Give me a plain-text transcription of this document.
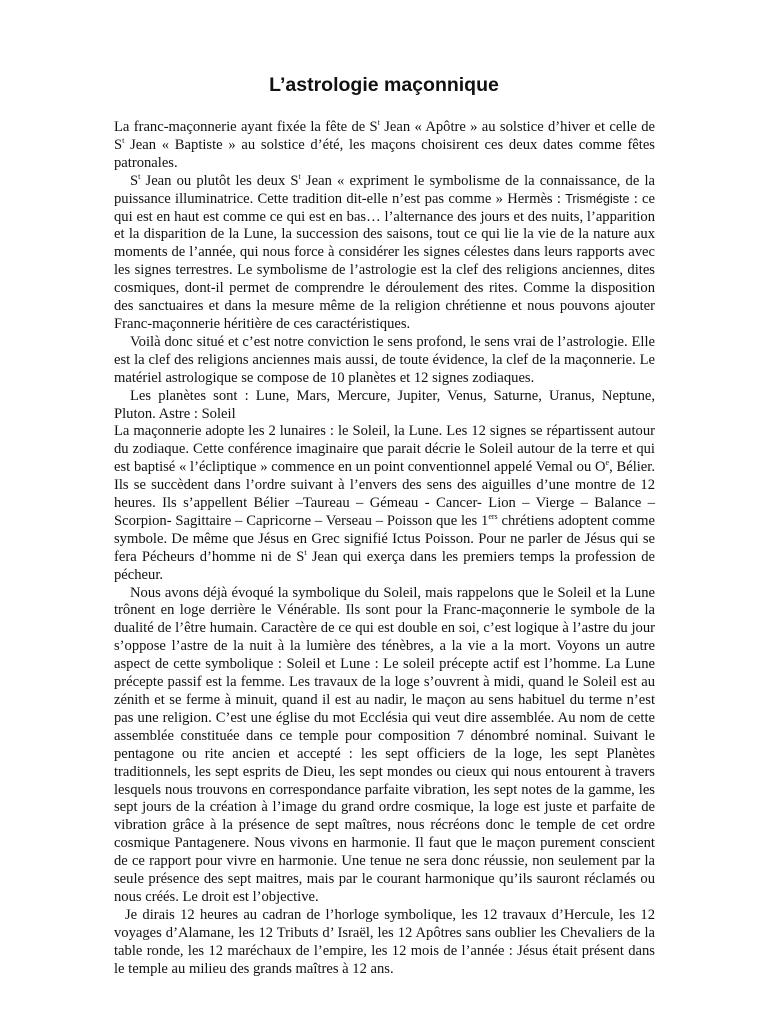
L’astrologie maçonnique

La franc-maçonnerie ayant fixée la fête de $S^t$ Jean « Apôtre » au solstice d’hiver et celle de $S^t$ Jean « Baptiste » au solstice d’été, les maçons choisirent ces deux dates comme fêtes patronales.

$S^t$ Jean ou plutôt les deux $S^t$ Jean « expriment le symbolisme de la connaissance, de la puissance illuminatrice. Cette tradition dit-elle n’est pas comme » Hermès : Trismégiste : ce qui est en haut est comme ce qui est en bas… l’alternance des jours et des nuits, l’apparition et la disparition de la Lune, la succession des saisons, tout ce qui lie la vie de la nature aux moments de l’année, qui nous force à considérer les signes célestes dans leurs rapports avec les signes terrestres. Le symbolisme de l’astrologie est la clef des religions anciennes, dites cosmiques, dont-il permet de comprendre le déroulement des rites. Comme la disposition des sanctuaires et dans la mesure même de la religion chrétienne et nous pouvons ajouter Franc-maçonnerie héritière de ces caractéristiques.

Voilà donc situé et c’est notre conviction le sens profond, le sens vrai de l’astrologie. Elle est la clef des religions anciennes mais aussi, de toute évidence, la clef de la maçonnerie. Le matériel astrologique se compose de 10 planètes et 12 signes zodiaques.

Les planètes sont : Lune, Mars, Mercure, Jupiter, Venus, Saturne, Uranus, Neptune, Pluton. Astre : Soleil

La maçonnerie adopte les 2 lunaires : le Soleil, la Lune. Les 12 signes se répartissent autour du zodiaque. Cette conférence imaginaire que parait décrie le Soleil autour de la terre et qui est baptisé « l’écliptique » commence en un point conventionnel appelé Vemal ou $O^e$, Bélier. Ils se succèdent dans l’ordre suivant à l’envers des sens des aiguilles d’une montre de 12 heures. Ils s’appellent Bélier –Taureau – Gémeau - Cancer- Lion – Vierge – Balance – Scorpion- Sagittaire – Capricorne – Verseau – Poisson que les 1ers chrétiens adoptent comme symbole. De même que Jésus en Grec signifié Ictus Poisson. Pour ne parler de Jésus qui se fera Pécheurs d’homme ni de $S^t$ Jean qui exerça dans les premiers temps la profession de pécheur.

Nous avons déjà évoqué la symbolique du Soleil, mais rappelons que le Soleil et la Lune trônent en loge derrière le Vénérable. Ils sont pour la Franc-maçonnerie le symbole de la dualité de l’être humain. Caractère de ce qui est double en soi, c’est logique à l’astre du jour s’oppose l’astre de la nuit à la lumière des ténèbres, a la vie a la mort. Voyons un autre aspect de cette symbolique : Soleil et Lune : Le soleil précepte actif est l’homme. La Lune précepte passif est la femme. Les travaux de la loge s’ouvrent à midi, quand le Soleil est au zénith et se ferme à minuit, quand il est au nadir, le maçon au sens habituel du terme n’est pas une religion. C’est une église du mot Ecclésia qui veut dire assemblée. Au nom de cette assemblée constituée dans ce temple pour composition 7 dénombré nominal. Suivant le pentagone ou rite ancien et accepté : les sept officiers de la loge, les sept Planètes traditionnels, les sept esprits de Dieu, les sept mondes ou cieux qui nous entourent à travers lesquels nous trouvons en correspondance parfaite vibration, les sept notes de la gamme, les sept jours de la création à l’image du grand ordre cosmique, la loge est juste et parfaite de vibration grâce à la présence de sept maîtres, nous récréons donc le temple de cet ordre cosmique Pantagenere. Nous vivons en harmonie. Il faut que le maçon purement conscient de ce rapport pour vivre en harmonie. Une tenue ne sera donc réussie, non seulement par la seule présence des sept maitres, mais par le courant harmonique qu’ils sauront réclamés ou nous créés. Le droit est l’objective.

Je dirais 12 heures au cadran de l’horloge symbolique, les 12 travaux d’Hercule, les 12 voyages d’Alamane, les 12 Tributs d’ Israël, les 12 Apôtres sans oublier les Chevaliers de la table ronde, les 12 maréchaux de l’empire, les 12 mois de l’année : Jésus était présent dans le temple au milieu des grands maîtres à 12 ans.
